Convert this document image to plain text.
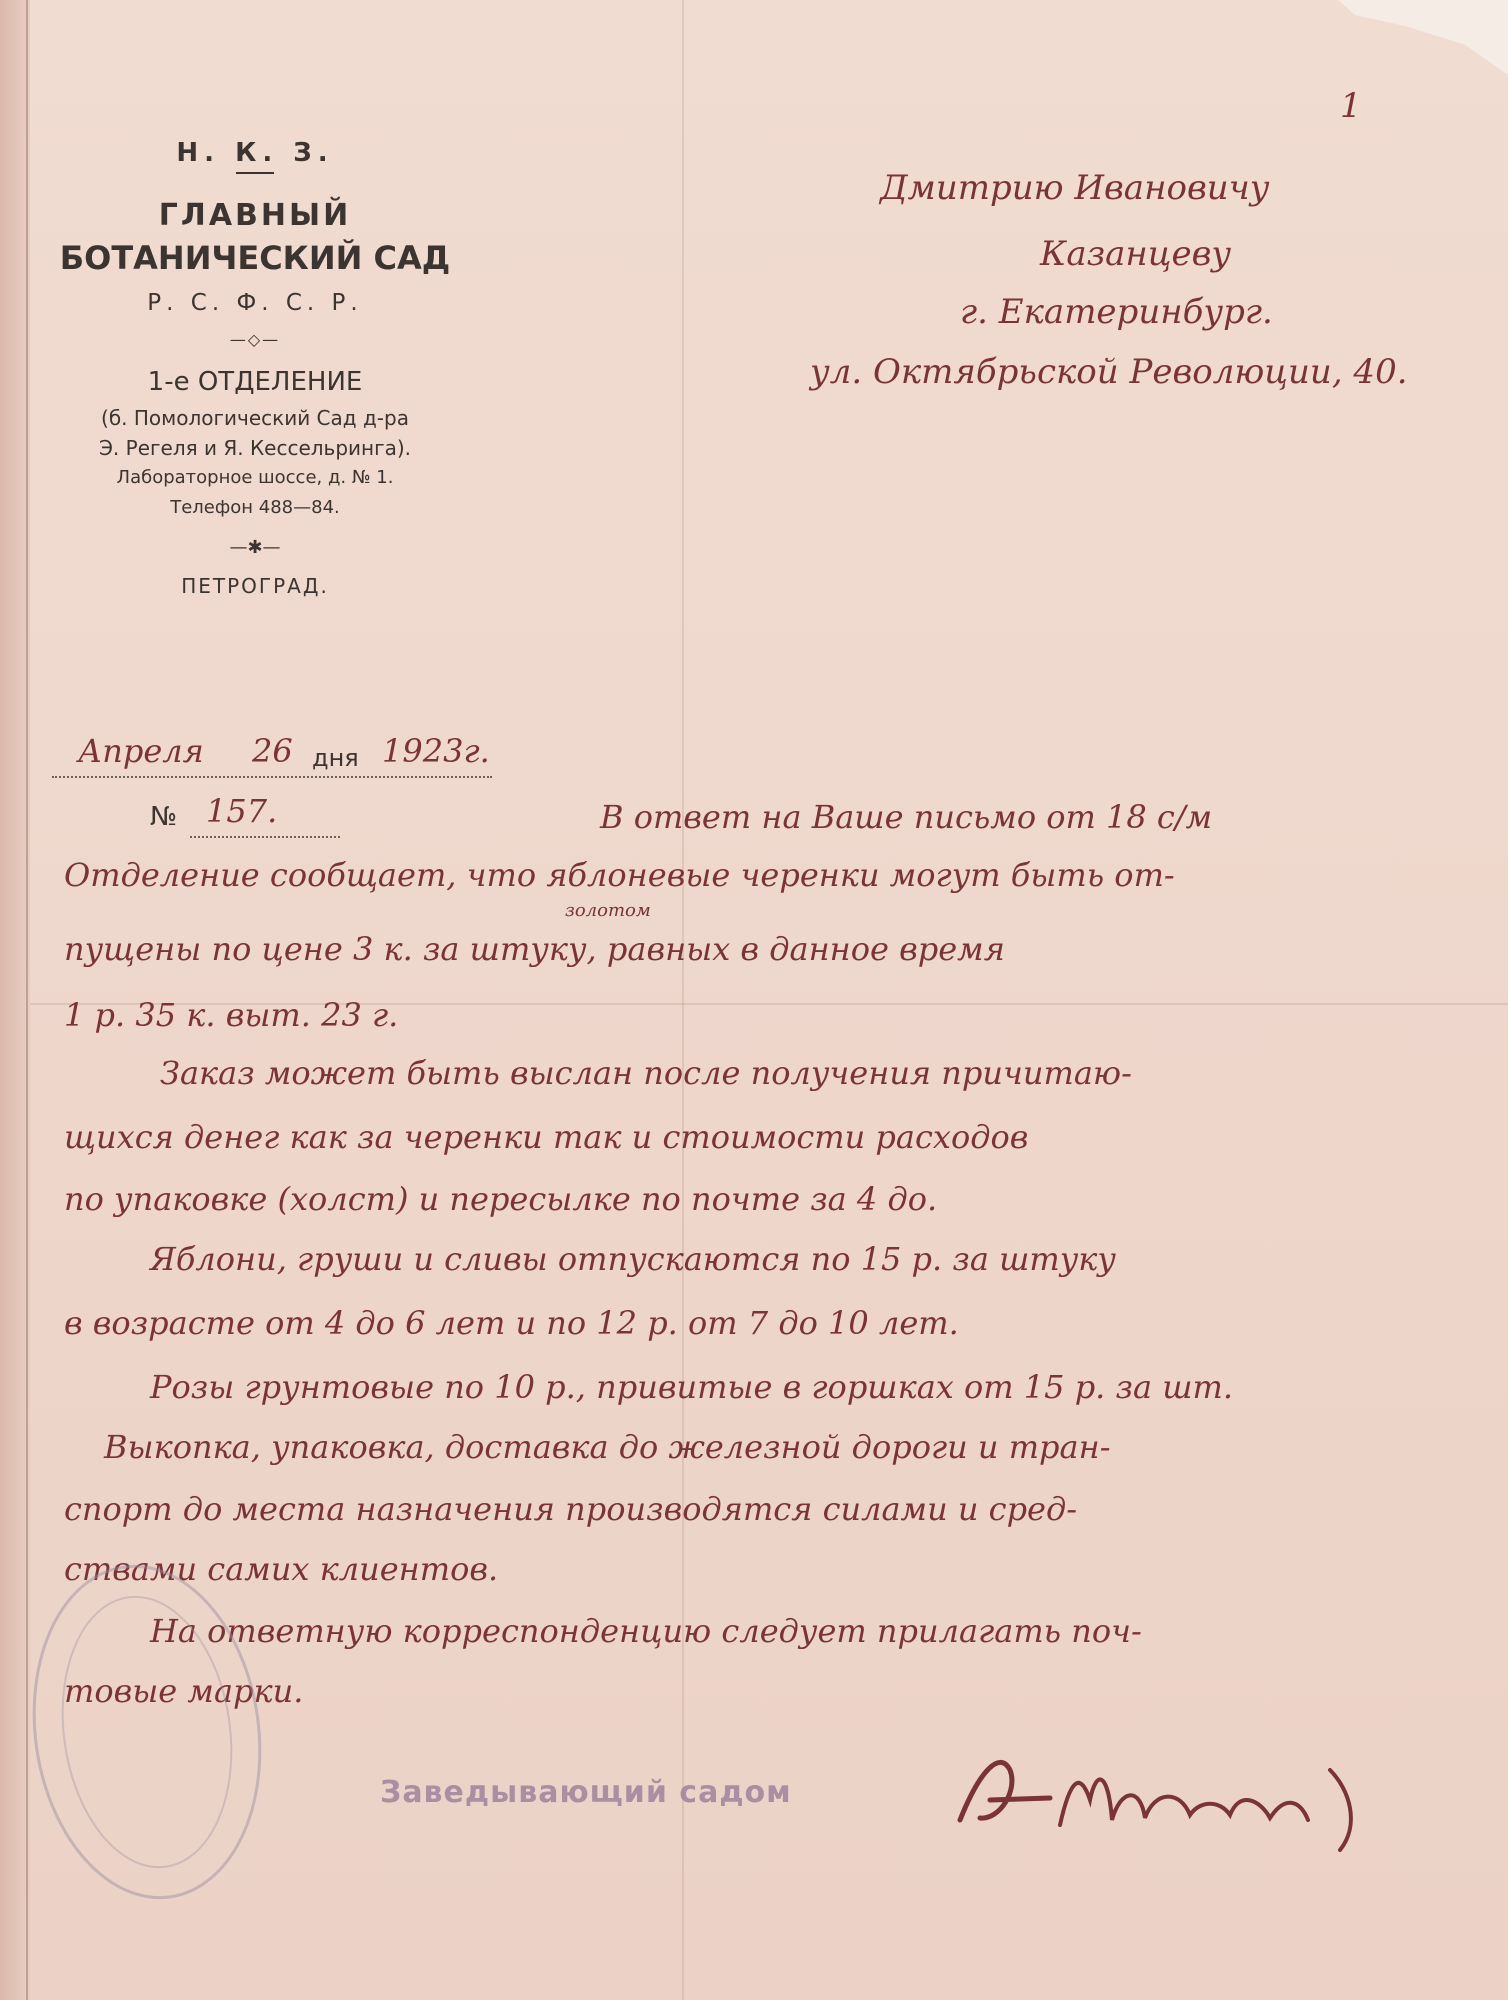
1
Н. К. З.
ГЛАВНЫЙ
БОТАНИЧЕСКИЙ САД
Р. С. Ф. С. Р.
—◇—
1-е ОТДЕЛЕНИЕ
(б. Помологический Сад д-ра
Э. Регеля и Я. Кессельринга).
Лабораторное шоссе, д. № 1.
Телефон 488—84.
—✱—
ПЕТРОГРАД.
Дмитрию Ивановичу
Казанцеву
г. Екатеринбург.
ул. Октябрьской Революции, 40.
Апреля 26 дня 1923г.
№ 157.	В ответ на Ваше письмо от 18 с/м
Отделение сообщает, что яблоневые черенки могут быть от-
золотом
пущены по цене 3 к. за штуку, равных в данное время
1 р. 35 к. выт. 23 г.
Заказ может быть выслан после получения причитаю-
щихся денег как за черенки так и стоимости расходов
по упаковке (холст) и пересылке по почте за 4 до.
Яблони, груши и сливы отпускаются по 15 р. за штуку
в возрасте от 4 до 6 лет и по 12 р. от 7 до 10 лет.
Розы грунтовые по 10 р., привитые в горшках от 15 р. за шт.
Выкопка, упаковка, доставка до железной дороги и тран-
спорт до места назначения производятся силами и сред-
ствами самих клиентов.
На ответную корреспонденцию следует прилагать поч-
товые марки.
Заведывающий садом
